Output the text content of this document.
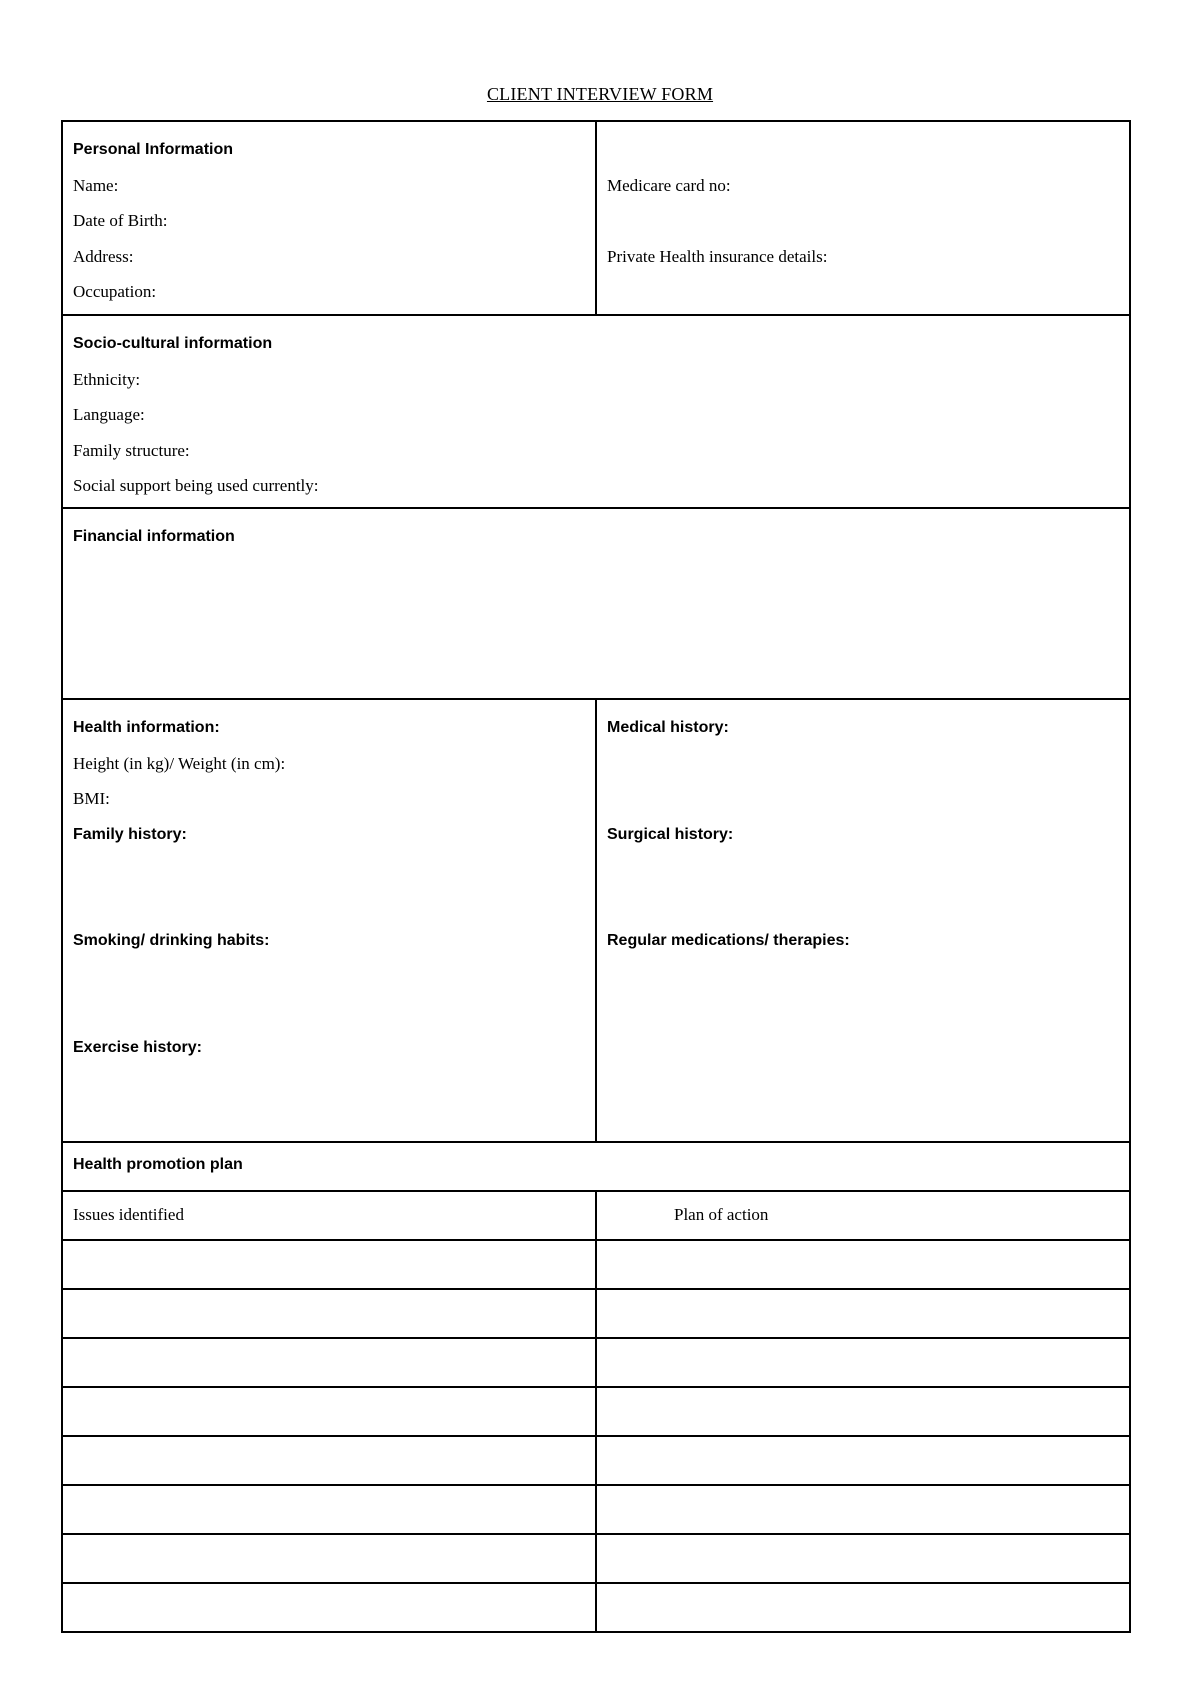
CLIENT INTERVIEW FORM
Personal Information
Name:
Date of Birth:
Address:
Occupation:
Medicare card no:
Private Health insurance details:
Socio-cultural information
Ethnicity:
Language:
Family structure:
Social support being used currently:
Financial information
Health information:
Height (in kg)/ Weight (in cm):
BMI:
Family history:
Smoking/ drinking habits:
Exercise history:
Medical history:
Surgical history:
Regular medications/ therapies:
Health promotion plan
Issues identified	Plan of action
